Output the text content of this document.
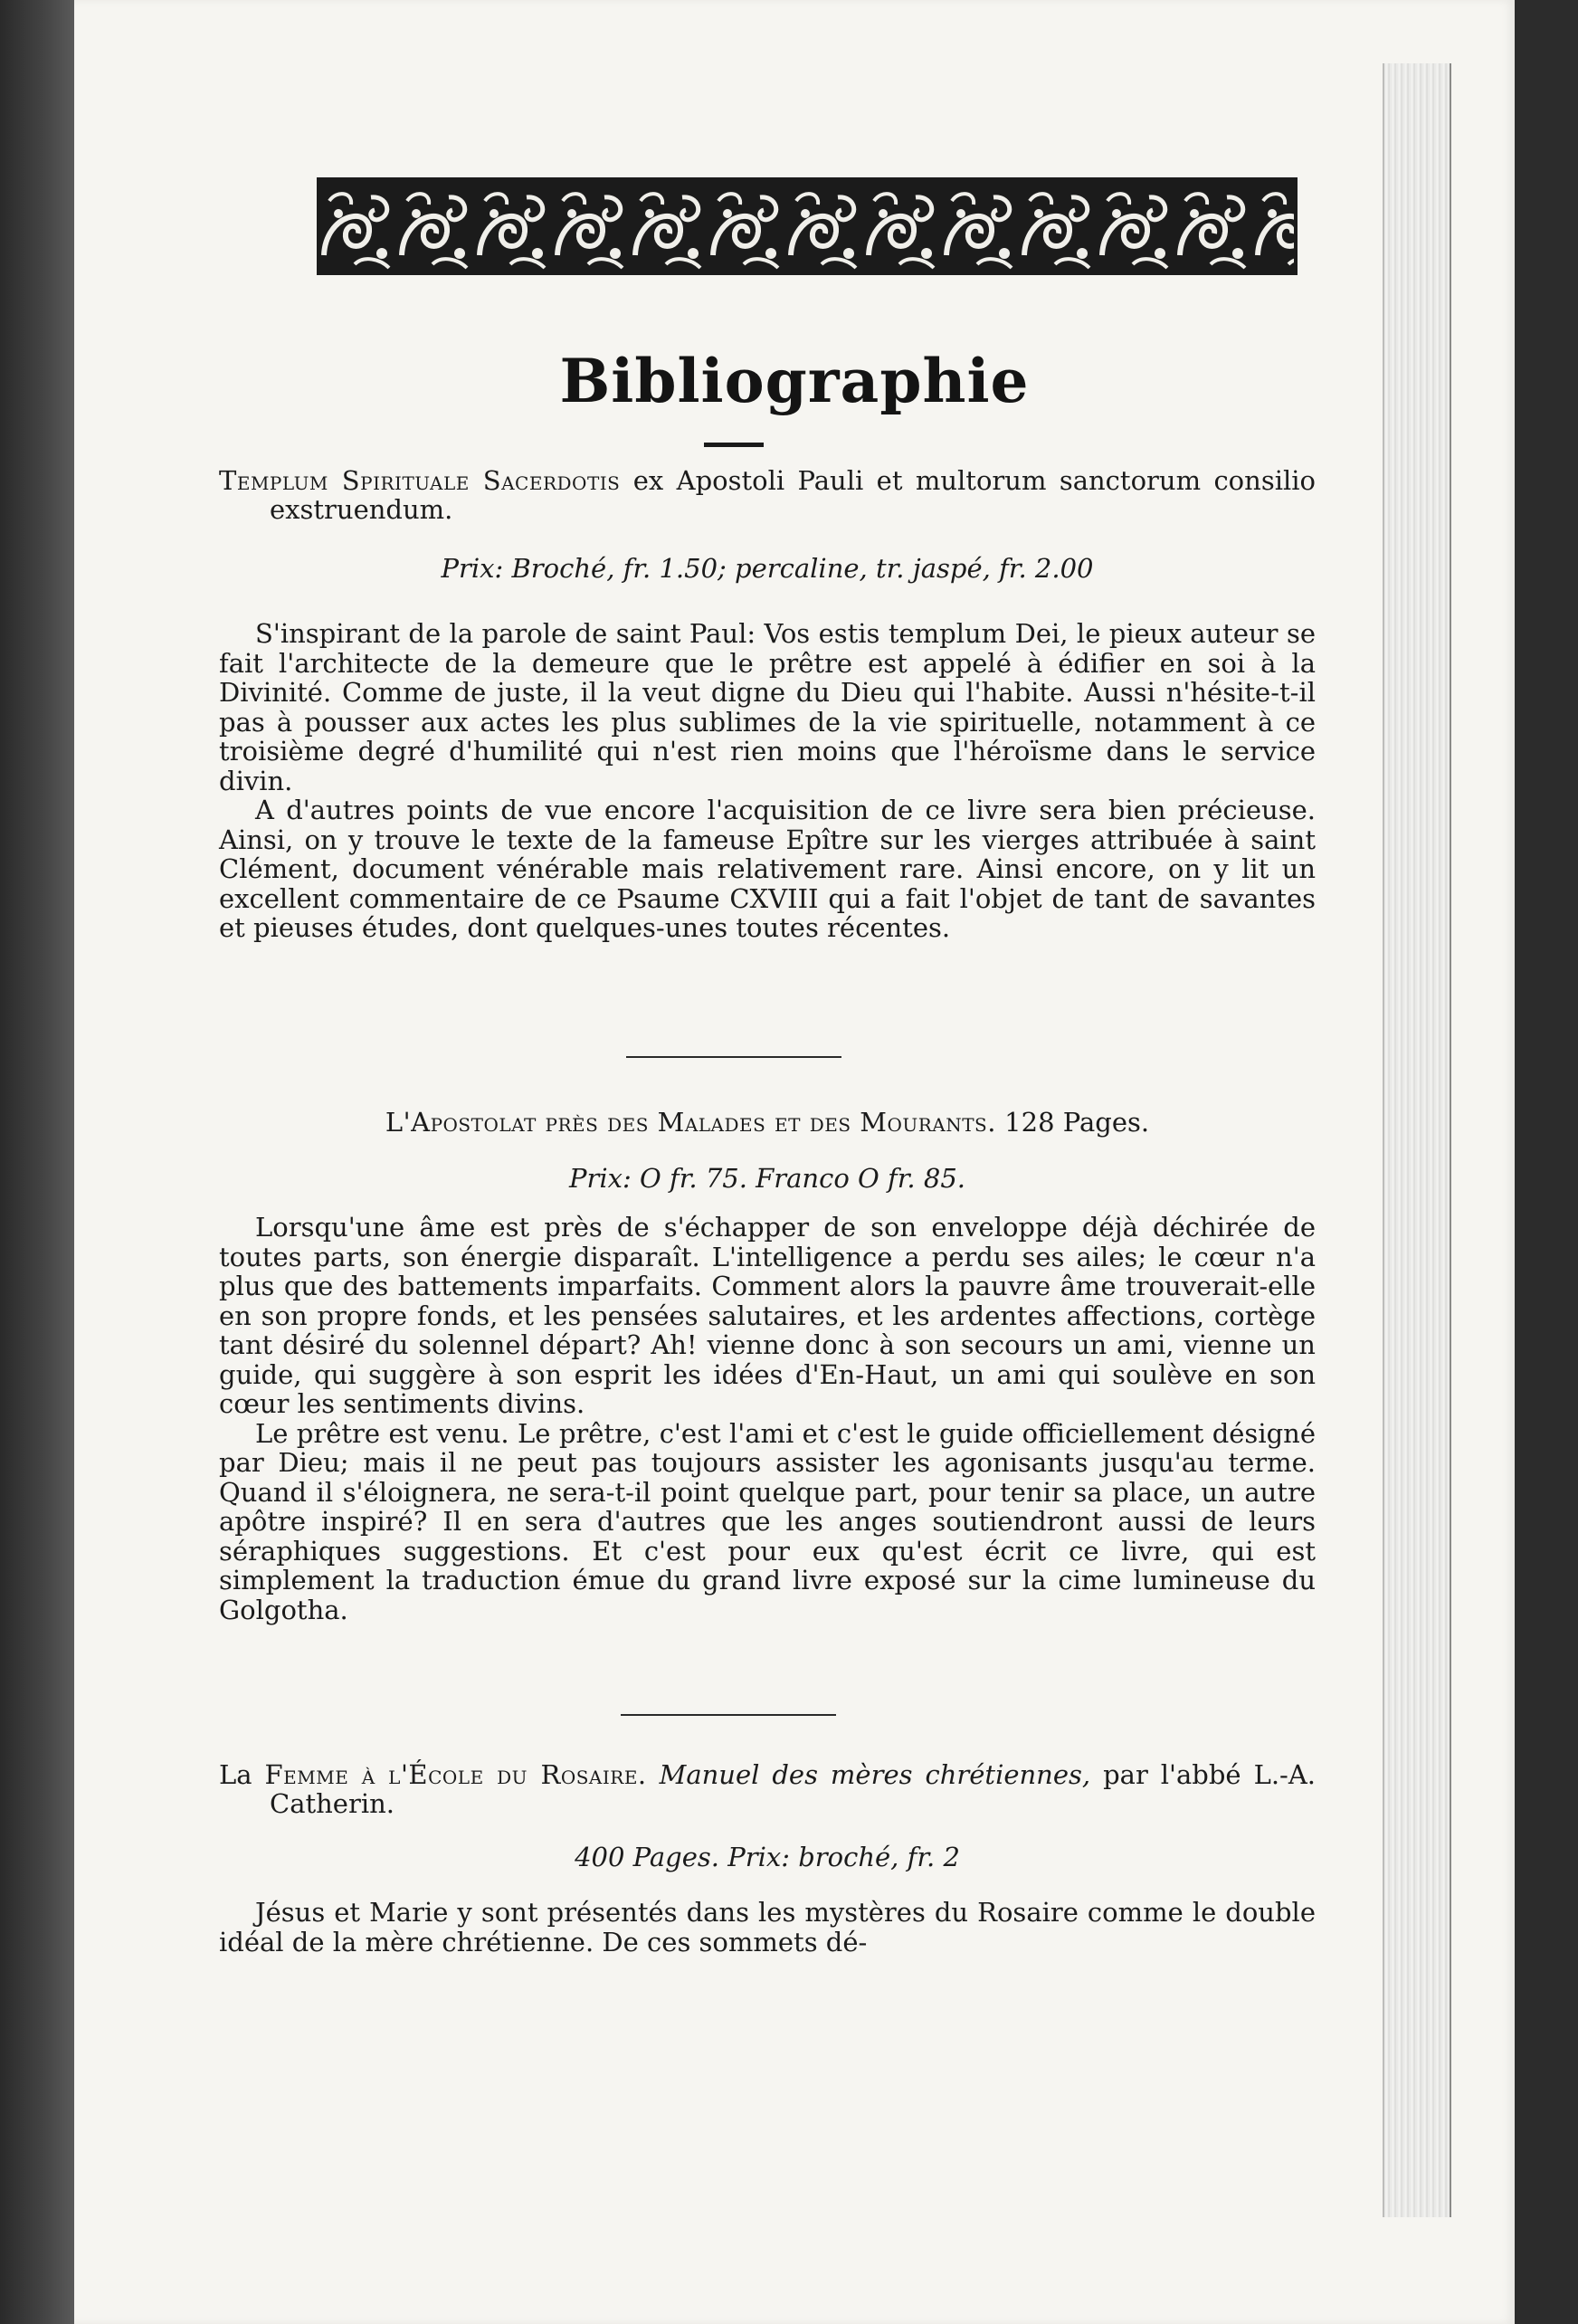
Bibliographie

Templum Spirituale Sacerdotis ex Apostoli Pauli et multorum sanctorum consilio exstruendum.

Prix: Broché, fr. 1.50; percaline, tr. jaspé, fr. 2.00

S'inspirant de la parole de saint Paul: Vos estis templum Dei, le pieux auteur se fait l'architecte de la demeure que le prêtre est appelé à édifier en soi à la Divinité. Comme de juste, il la veut digne du Dieu qui l'habite. Aussi n'hésite-t-il pas à pousser aux actes les plus sublimes de la vie spirituelle, notamment à ce troisième degré d'humilité qui n'est rien moins que l'héroïsme dans le service divin.

A d'autres points de vue encore l'acquisition de ce livre sera bien précieuse. Ainsi, on y trouve le texte de la fameuse Epître sur les vierges attribuée à saint Clément, document vénérable mais relativement rare. Ainsi encore, on y lit un excellent commentaire de ce Psaume CXVIII qui a fait l'objet de tant de savantes et pieuses études, dont quelques-unes toutes récentes.

L'Apostolat près des Malades et des Mourants. 128 Pages.

Prix: O fr. 75. Franco O fr. 85.

Lorsqu'une âme est près de s'échapper de son enveloppe déjà déchirée de toutes parts, son énergie disparaît. L'intelligence a perdu ses ailes; le cœur n'a plus que des battements imparfaits. Comment alors la pauvre âme trouverait-elle en son propre fonds, et les pensées salutaires, et les ardentes affections, cortège tant désiré du solennel départ? Ah! vienne donc à son secours un ami, vienne un guide, qui suggère à son esprit les idées d'En-Haut, un ami qui soulève en son cœur les sentiments divins.

Le prêtre est venu. Le prêtre, c'est l'ami et c'est le guide officiellement désigné par Dieu; mais il ne peut pas toujours assister les agonisants jusqu'au terme. Quand il s'éloignera, ne sera-t-il point quelque part, pour tenir sa place, un autre apôtre inspiré? Il en sera d'autres que les anges soutiendront aussi de leurs séraphiques suggestions. Et c'est pour eux qu'est écrit ce livre, qui est simplement la traduction émue du grand livre exposé sur la cime lumineuse du Golgotha.

La Femme à l'École du Rosaire. Manuel des mères chrétiennes, par l'abbé L.-A. Catherin.

400 Pages. Prix: broché, fr. 2

Jésus et Marie y sont présentés dans les mystères du Rosaire comme le double idéal de la mère chrétienne. De ces sommets dé-
